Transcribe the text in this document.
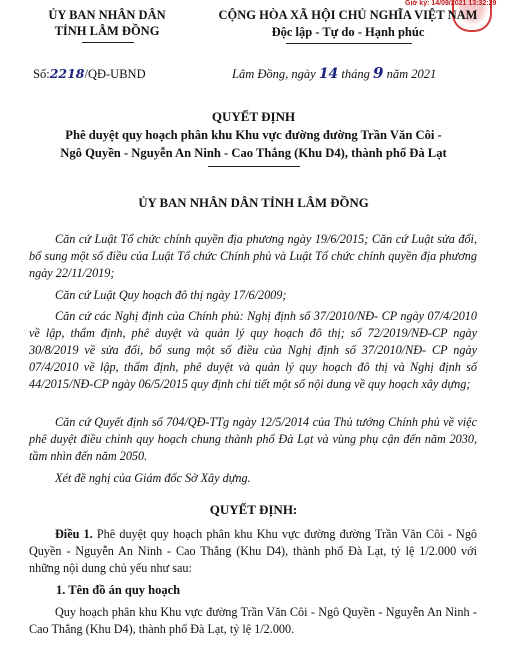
Giờ ký: 14/09/2021 13:32:29
ỦY BAN NHÂN DÂN
TỈNH LÂM ĐỒNG
Số:2218/QĐ-UBND
CỘNG HÒA XÃ HỘI CHỦ NGHĨA VIỆT NAM
Độc lập - Tự do - Hạnh phúc
Lâm Đồng, ngày 14 tháng 9 năm 2021
QUYẾT ĐỊNH
Phê duyệt quy hoạch phân khu Khu vực đường đường Trần Văn Côi -
Ngô Quyền - Nguyễn An Ninh - Cao Thắng (Khu D4), thành phố Đà Lạt
ỦY BAN NHÂN DÂN TỈNH LÂM ĐỒNG
Căn cứ Luật Tổ chức chính quyền địa phương ngày 19/6/2015; Căn cứ Luật sửa đổi, bổ sung một số điều của Luật Tổ chức Chính phủ và Luật Tổ chức chính quyền địa phương ngày 22/11/2019;
Căn cứ Luật Quy hoạch đô thị ngày 17/6/2009;
Căn cứ các Nghị định của Chính phủ: Nghị định số 37/2010/NĐ- CP ngày 07/4/2010 về lập, thẩm định, phê duyệt và quản lý quy hoạch đô thị; số 72/2019/NĐ-CP ngày 30/8/2019 về sửa đổi, bổ sung một số điều của Nghị định số 37/2010/NĐ- CP ngày 07/4/2010 về lập, thẩm định, phê duyệt và quản lý quy hoạch đô thị và Nghị định số 44/2015/NĐ-CP ngày 06/5/2015 quy định chi tiết một số nội dung về quy hoạch xây dựng;
Căn cứ Quyết định số 704/QĐ-TTg ngày 12/5/2014 của Thủ tướng Chính phủ về việc phê duyệt điều chỉnh quy hoạch chung thành phố Đà Lạt và vùng phụ cận đến năm 2030, tầm nhìn đến năm 2050.
Xét đề nghị của Giám đốc Sở Xây dựng.
QUYẾT ĐỊNH:
Điều 1. Phê duyệt quy hoạch phân khu Khu vực đường đường Trần Văn Côi - Ngô Quyền - Nguyễn An Ninh - Cao Thắng (Khu D4), thành phố Đà Lạt, tỷ lệ 1/2.000 với những nội dung chủ yếu như sau:
1. Tên đồ án quy hoạch
Quy hoạch phân khu Khu vực đường Trần Văn Côi - Ngô Quyền - Nguyễn An Ninh - Cao Thắng (Khu D4), thành phố Đà Lạt, tỷ lệ 1/2.000.
